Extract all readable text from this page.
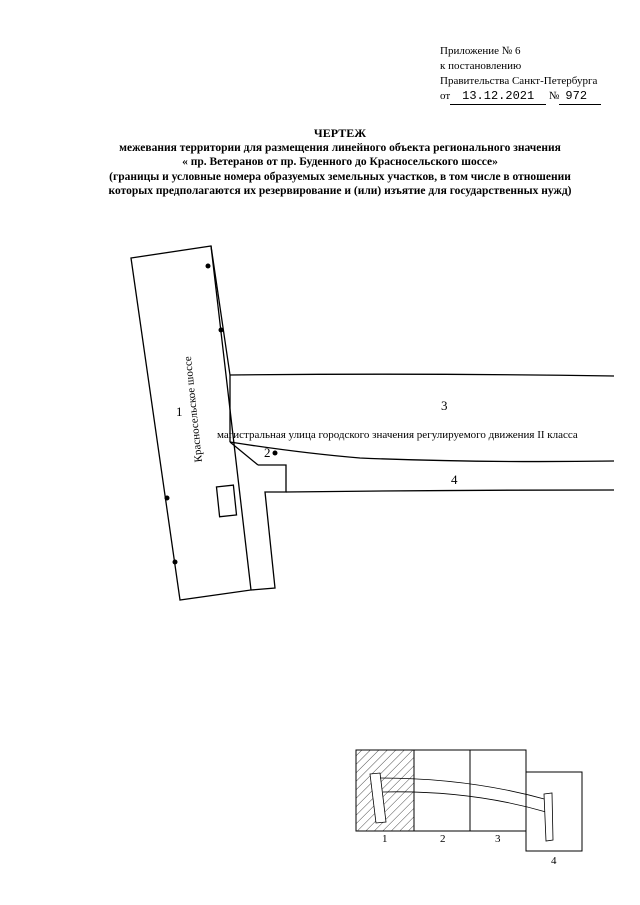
Приложение № 6
к постановлению
Правительства Санкт-Петербурга
от 13.12.2021 № 972
ЧЕРТЕЖ
межевания территории для размещения линейного объекта регионального значения
« пр. Ветеранов от пр. Буденного до Красносельского шоссе»
(границы и условные номера образуемых земельных участков, в том числе в отношении
которых предполагаются их резервирование и (или) изъятие для государственных нужд)
Красносельское шоссе магистральная улица городского значения регулируемого движения II класса
1
2
3
4
1	2	3
4
